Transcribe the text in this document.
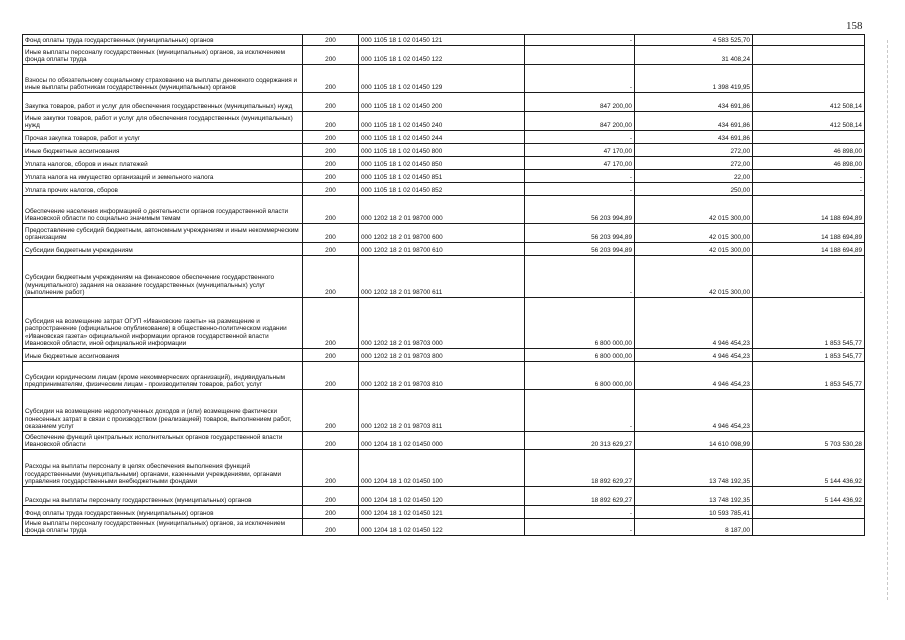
158
Фонд оплаты труда государственных (муниципальных) органов	200	000 1105 18 1 02 01450 121	-	4 583 525,70	
Иные выплаты персоналу государственных (муниципальных) органов, за исключением фонда оплаты труда	200	000 1105 18 1 02 01450 122		31 408,24	
Взносы по обязательному социальному страхованию на выплаты денежного содержания и иные выплаты работникам государственных (муниципальных) органов	200	000 1105 18 1 02 01450 129	-	1 398 419,95	
Закупка товаров, работ и услуг для обеспечения государственных (муниципальных) нужд	200	000 1105 18 1 02 01450 200	847 200,00	434 691,86	412 508,14
Иные закупки товаров, работ и услуг для обеспечения государственных (муниципальных) нужд	200	000 1105 18 1 02 01450 240	847 200,00	434 691,86	412 508,14
Прочая закупка товаров, работ и услуг	200	000 1105 18 1 02 01450 244	-	434 691,86	
Иные бюджетные ассигнования	200	000 1105 18 1 02 01450 800	47 170,00	272,00	46 898,00
Уплата налогов, сборов и иных платежей	200	000 1105 18 1 02 01450 850	47 170,00	272,00	46 898,00
Уплата налога на имущество организаций и земельного налога	200	000 1105 18 1 02 01450 851	-	22,00	-
Уплата прочих налогов, сборов	200	000 1105 18 1 02 01450 852	-	250,00	-
Обеспечение населения информацией о деятельности органов государственной власти Ивановской области по социально значимым темам	200	000 1202 18 2 01 98700 000	56 203 994,89	42 015 300,00	14 188 694,89
Предоставление субсидий бюджетным, автономным учреждениям и иным некоммерческим организациям	200	000 1202 18 2 01 98700 600	56 203 994,89	42 015 300,00	14 188 694,89
Субсидии бюджетным учреждениям	200	000 1202 18 2 01 98700 610	56 203 994,89	42 015 300,00	14 188 694,89
Субсидии бюджетным учреждениям на финансовое обеспечение государственного (муниципального) задания на оказание государственных (муниципальных) услуг (выполнение работ)	200	000 1202 18 2 01 98700 611	-	42 015 300,00	-
Субсидия на возмещение затрат ОГУП «Ивановские газеты» на размещение и распространение (официальное опубликование) в общественно-политическом издании «Ивановская газета» официальной информации органов государственной власти Ивановской области, иной официальной информации	200	000 1202 18 2 01 98703 000	6 800 000,00	4 946 454,23	1 853 545,77
Иные бюджетные ассигнования	200	000 1202 18 2 01 98703 800	6 800 000,00	4 946 454,23	1 853 545,77
Субсидии юридическим лицам (кроме некоммерческих организаций), индивидуальным предпринимателям, физическим лицам - производителям товаров, работ, услуг	200	000 1202 18 2 01 98703 810	6 800 000,00	4 946 454,23	1 853 545,77
Субсидии на возмещение недополученных доходов и (или) возмещение фактически понесенных затрат в связи с производством (реализацией) товаров, выполнением работ, оказанием услуг	200	000 1202 18 2 01 98703 811	-	4 946 454,23	
Обеспечение функций центральных исполнительных органов государственной власти Ивановской области	200	000 1204 18 1 02 01450 000	20 313 629,27	14 610 098,99	5 703 530,28
Расходы на выплаты персоналу в целях обеспечения выполнения функций государственными (муниципальными) органами, казенными учреждениями, органами управления государственными внебюджетными фондами	200	000 1204 18 1 02 01450 100	18 892 629,27	13 748 192,35	5 144 436,92
Расходы на выплаты персоналу государственных (муниципальных) органов	200	000 1204 18 1 02 01450 120	18 892 629,27	13 748 192,35	5 144 436,92
Фонд оплаты труда государственных (муниципальных) органов	200	000 1204 18 1 02 01450 121	-	10 593 785,41	
Иные выплаты персоналу государственных (муниципальных) органов, за исключением фонда оплаты труда	200	000 1204 18 1 02 01450 122	-	8 187,00	
